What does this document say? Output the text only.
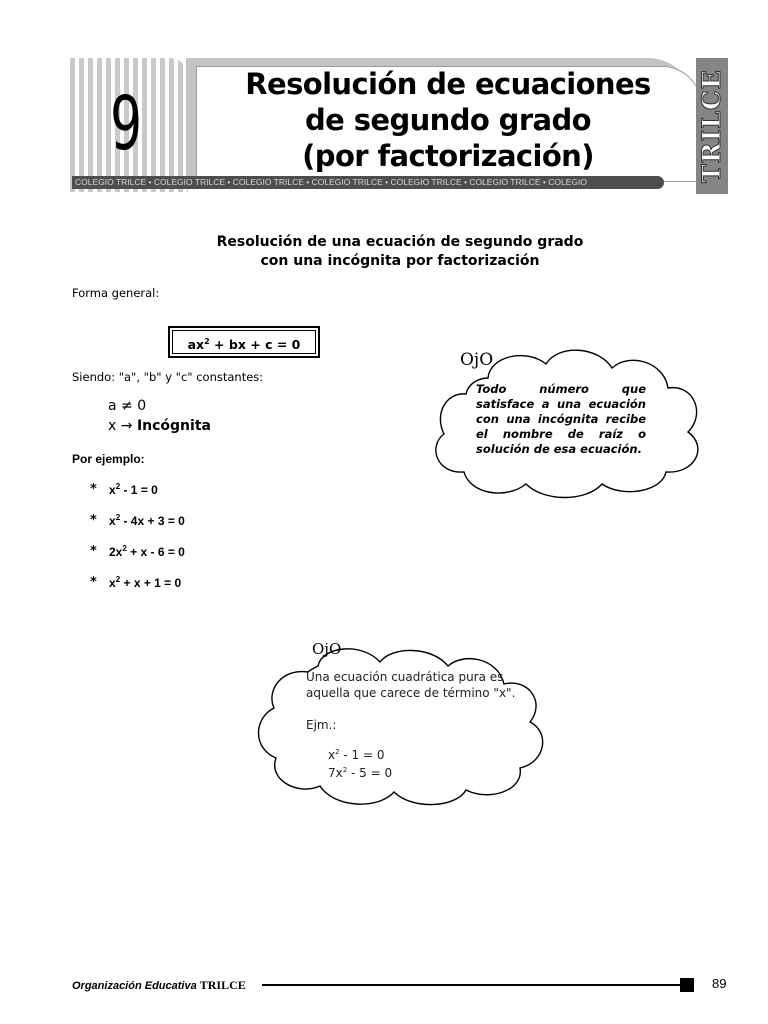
9	Resolución de ecuaciones
de segundo grado
(por factorización)
COLEGIO TRILCE • COLEGIO TRILCE • COLEGIO TRILCE • COLEGIO TRILCE • COLEGIO TRILCE • COLEGIO TRILCE • COLEGIO	TRILCE
Resolución de una ecuación de segundo grado
con una incógnita por factorización
Forma general:
$ax^2$ + bx + c = 0
Siendo: "a", "b" y "c" constantes:
a ≠ 0
x → Incógnita
Por ejemplo:
* $x^2 - 1 = 0$
* $x^2 - 4x + 3 = 0$
* $2x^2 + x - 6 = 0$
* $x^2 + x + 1 = 0$
OjO
Todo número que satisface a una ecuación con una incógnita recibe el nombre de raíz o solución de esa ecuación.
OjO
Una ecuación cuadrática pura es
aquella que carece de término "x".
Ejm.:
$x^2 - 1 = 0$
$7x^2 - 5 = 0$
Organización Educativa TRILCE	89
